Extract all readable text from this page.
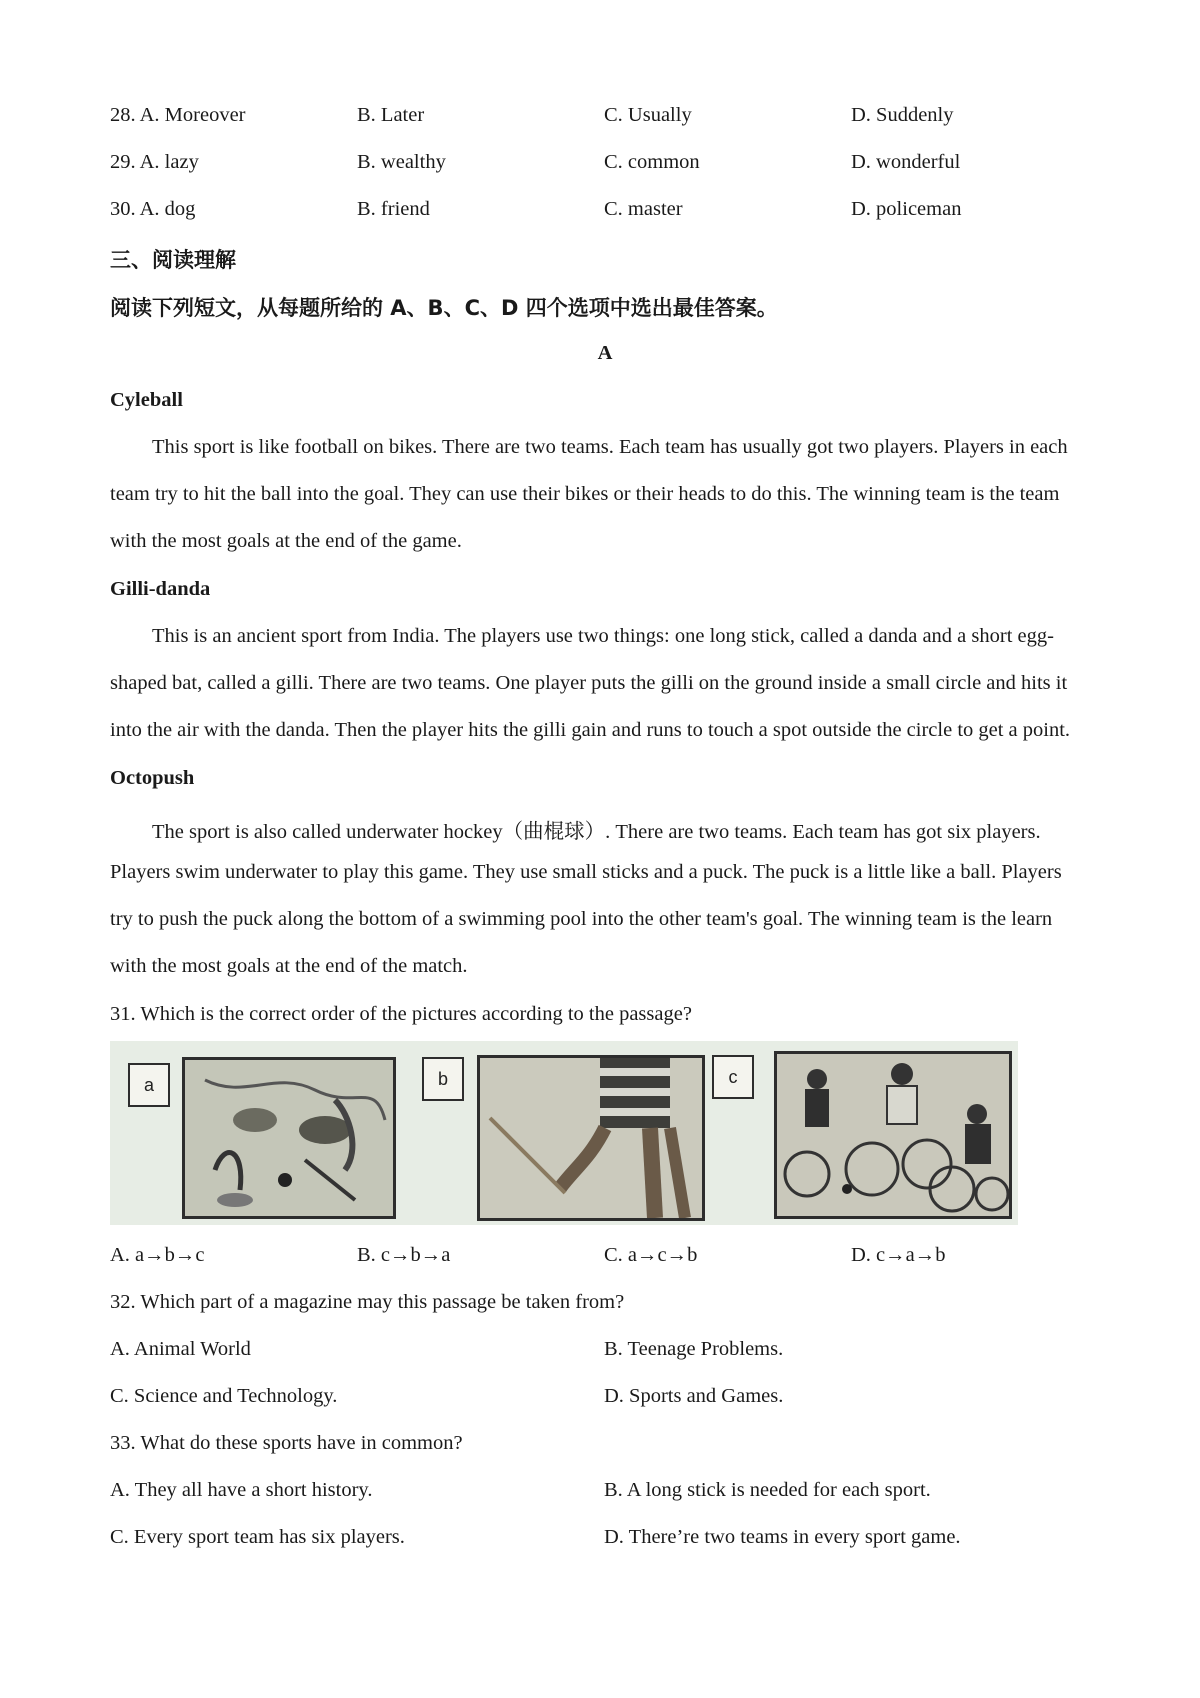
28. A. Moreover	B. Later	C. Usually	D. Suddenly
29. A. lazy	B. wealthy	C. common	D. wonderful
30. A. dog	B. friend	C. master	D. policeman
三、阅读理解
阅读下列短文，从每题所给的 A、B、C、D 四个选项中选出最佳答案。
A
Cyleball
This sport is like football on bikes. There are two teams. Each team has usually got two players. Players in each
team try to hit the ball into the goal. They can use their bikes or their heads to do this. The winning team is the team
with the most goals at the end of the game.
Gilli-danda
This is an ancient sport from India. The players use two things: one long stick, called a danda and a short egg-
shaped bat, called a gilli. There are two teams. One player puts the gilli on the ground inside a small circle and hits it
into the air with the danda. Then the player hits the gilli gain and runs to touch a spot outside the circle to get a point.
Octopush
The sport is also called underwater hockey（曲棍球）. There are two teams. Each team has got six players.
Players swim underwater to play this game. They use small sticks and a puck. The puck is a little like a ball. Players
try to push the puck along the bottom of a swimming pool into the other team's goal. The winning team is the learn
with the most goals at the end of the match.
31. Which is the correct order of the pictures according to the passage?
a	b	c
A. a→b→c	B. c→b→a	C. a→c→b	D. c→a→b
32. Which part of a magazine may this passage be taken from?
A. Animal World	B. Teenage Problems.
C. Science and Technology.	D. Sports and Games.
33. What do these sports have in common?
A. They all have a short history.	B. A long stick is needed for each sport.
C. Every sport team has six players.	D. There’re two teams in every sport game.
